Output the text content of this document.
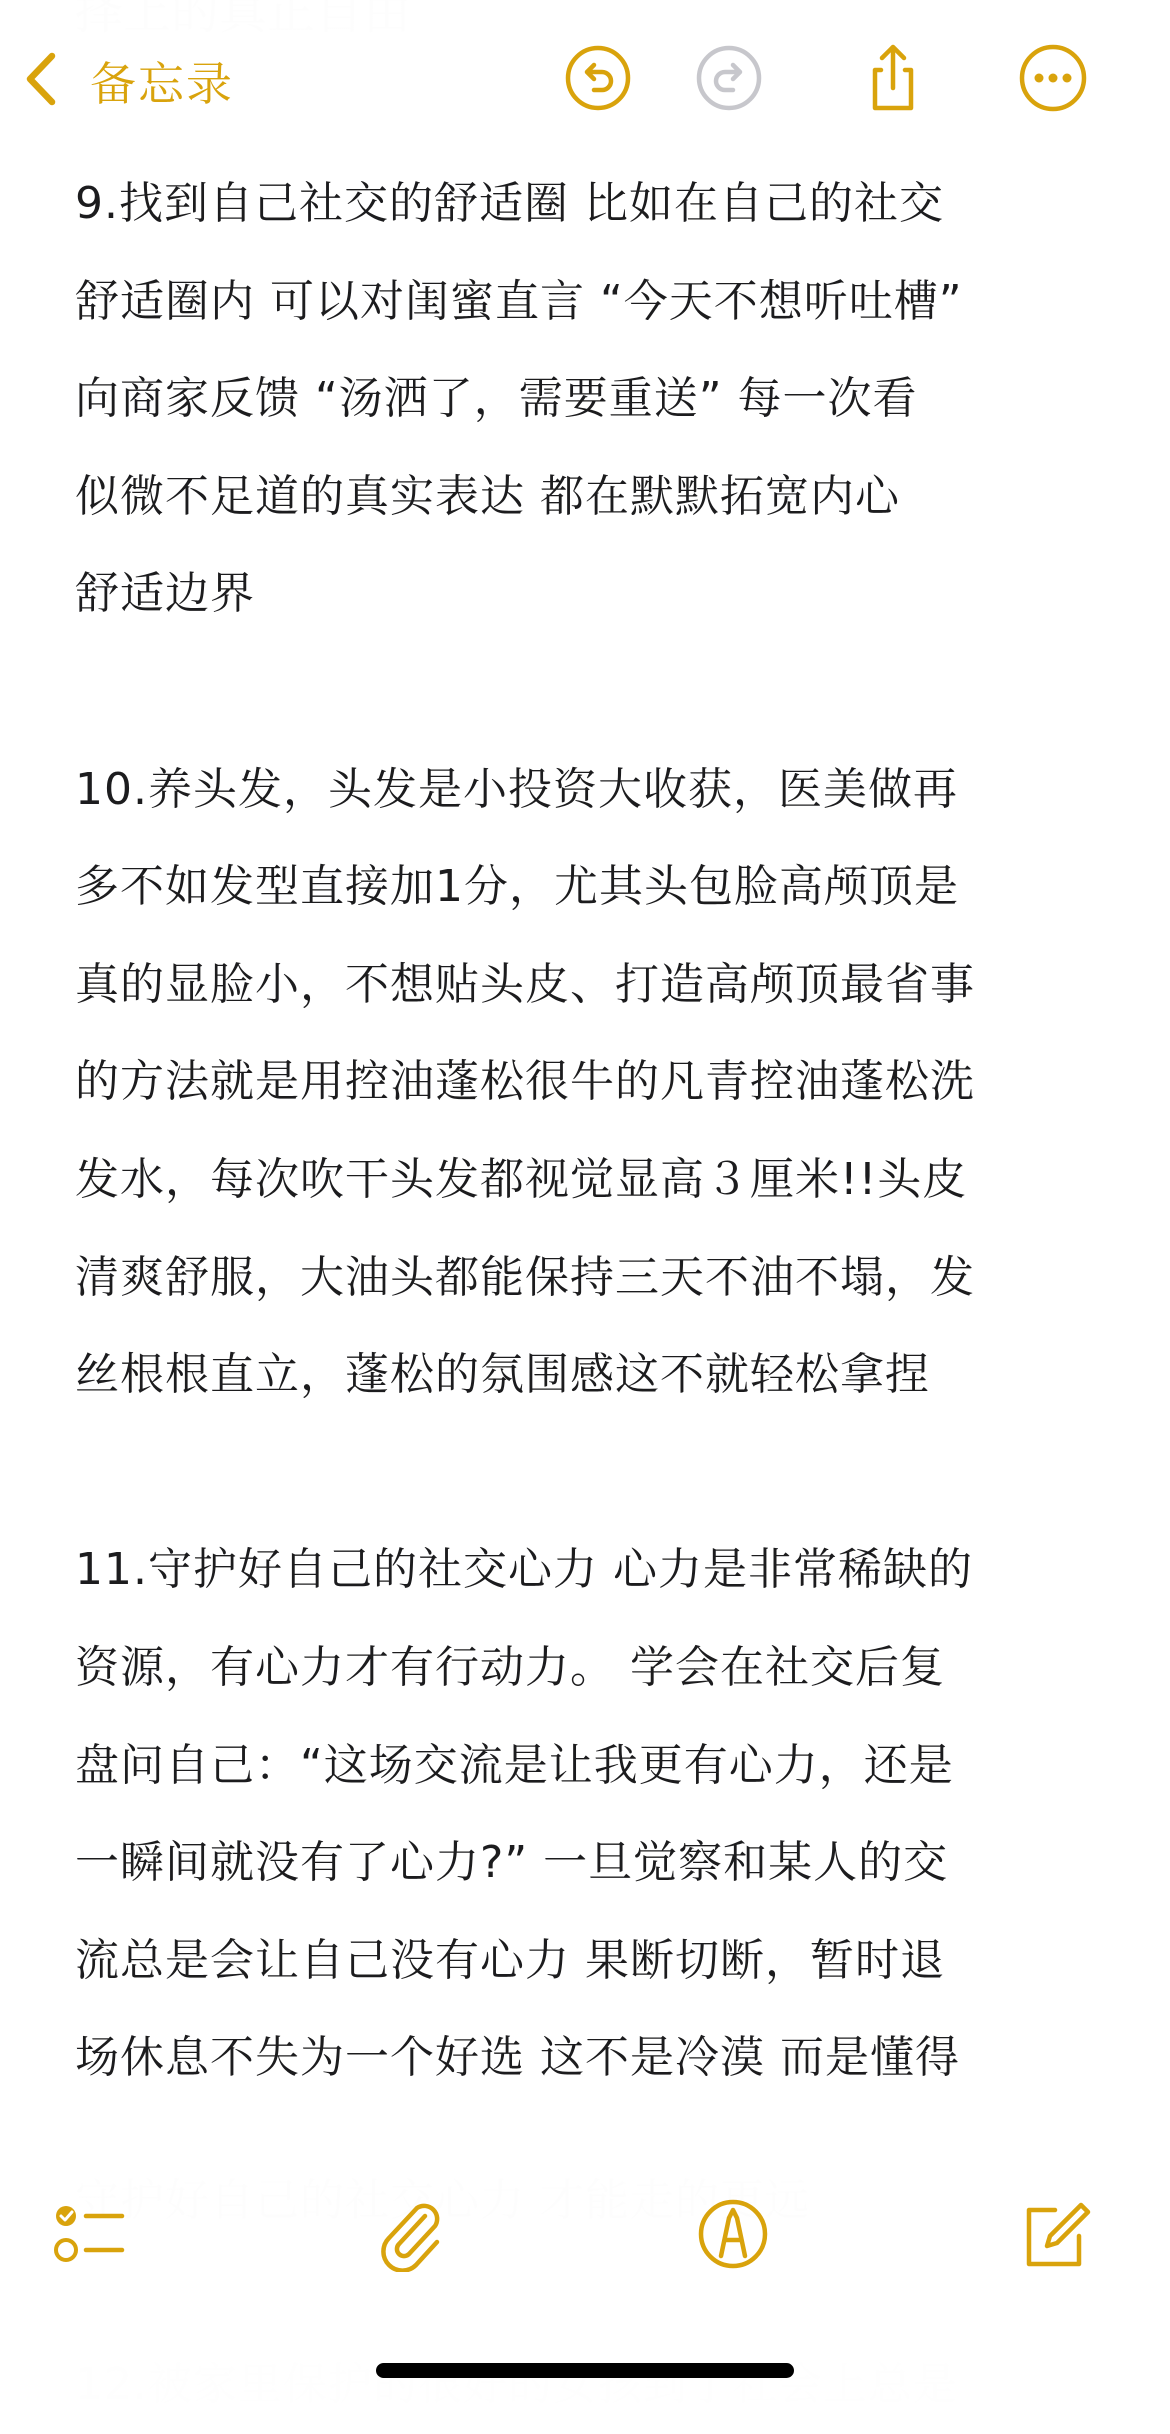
9.找到自己社交的舒适圈 比如在自己的社交
舒适圈内 可以对闺蜜直言 “今天不想听吐槽”
向商家反馈 “汤洒了，需要重送” 每一次看
似微不足道的真实表达 都在默默拓宽内心
舒适边界
10.养头发，头发是小投资大收获，医美做再
多不如发型直接加1分，尤其头包脸高颅顶是
真的显脸小，不想贴头皮、打造高颅顶最省事
的方法就是用控油蓬松很牛的凡青控油蓬松洗
发水，每次吹干头发都视觉显高３厘米!!头皮
清爽舒服，大油头都能保持三天不油不塌，发
丝根根直立，蓬松的氛围感这不就轻松拿捏
11.守护好自己的社交心力 心力是非常稀缺的
资源，有心力才有行动力。 学会在社交后复
盘问自己：“这场交流是让我更有心力，还是
一瞬间就没有了心力?” 一旦觉察和某人的交
流总是会让自己没有心力 果断切断，暂时退
场休息不失为一个好选 这不是冷漠 而是懂得
备忘录
